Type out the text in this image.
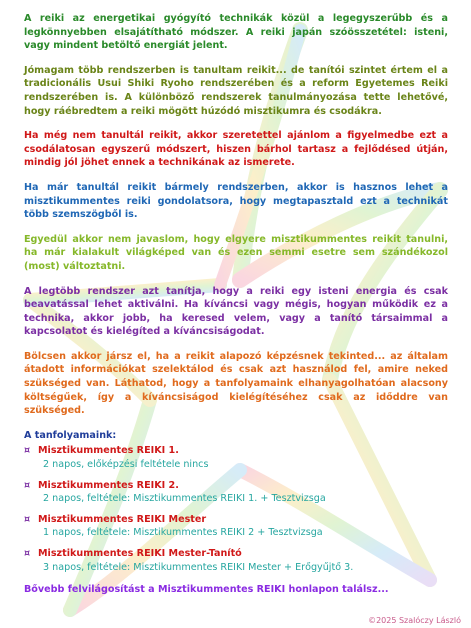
A reiki az energetikai gyógyító technikák közül a legegyszerűbb és a legkönnyebben elsajátítható módszer. A reiki japán szóösszetétel: isteni, vagy mindent betöltő energiát jelent.

Jómagam több rendszerben is tanultam reikit... de tanítói szintet értem el a tradicionális Usui Shiki Ryoho rendszerében és a reform Egyetemes Reiki rendszerében is. A különböző rendszerek tanulmányozása tette lehetővé, hogy ráébredtem a reiki mögött húzódó misztikumra és csodákra.

Ha még nem tanultál reikit, akkor szeretettel ajánlom a figyelmedbe ezt a csodálatosan egyszerű módszert, hiszen bárhol tartasz a fejlődésed útján, mindig jól jöhet ennek a technikának az ismerete.

Ha már tanultál reikit bármely rendszerben, akkor is hasznos lehet a misztikummentes reiki gondolatsora, hogy megtapasztald ezt a technikát több szemszögből is.

Egyedül akkor nem javaslom, hogy elgyere misztikummentes reikit tanulni, ha már kialakult világképed van és ezen semmi esetre sem szándékozol (most) változtatni.

A legtöbb rendszer azt tanítja, hogy a reiki egy isteni energia és csak beavatással lehet aktiválni. Ha kíváncsi vagy mégis, hogyan működik ez a technika, akkor jobb, ha keresed velem, vagy a tanító társaimmal a kapcsolatot és kielégíted a kíváncsiságodat.

Bölcsen akkor jársz el, ha a reikit alapozó képzésnek tekinted... az általam átadott információkat szelektálod és csak azt használod fel, amire neked szükséged van. Láthatod, hogy a tanfolyamaink elhanyagolhatóan alacsony költségűek, így a kíváncsiságod kielégítéséhez csak az időddre van szükséged.

A tanfolyamaink:
¤ Misztikummentes REIKI 1.
2 napos, előképzési feltétele nincs
¤ Misztikummentes REIKI 2.
2 napos, feltétele: Misztikummentes REIKI 1. + Tesztvizsga
¤ Misztikummentes REIKI Mester
1 napos, feltétele: Misztikummentes REIKI 2 + Tesztvizsga
¤ Misztikummentes REIKI Mester-Tanító
3 napos, feltétele: Misztikummentes REIKI Mester + Erőgyűjtő 3.
Bővebb felvilágosítást a Misztikummentes REIKI honlapon találsz...
©2025 Szalóczy László
